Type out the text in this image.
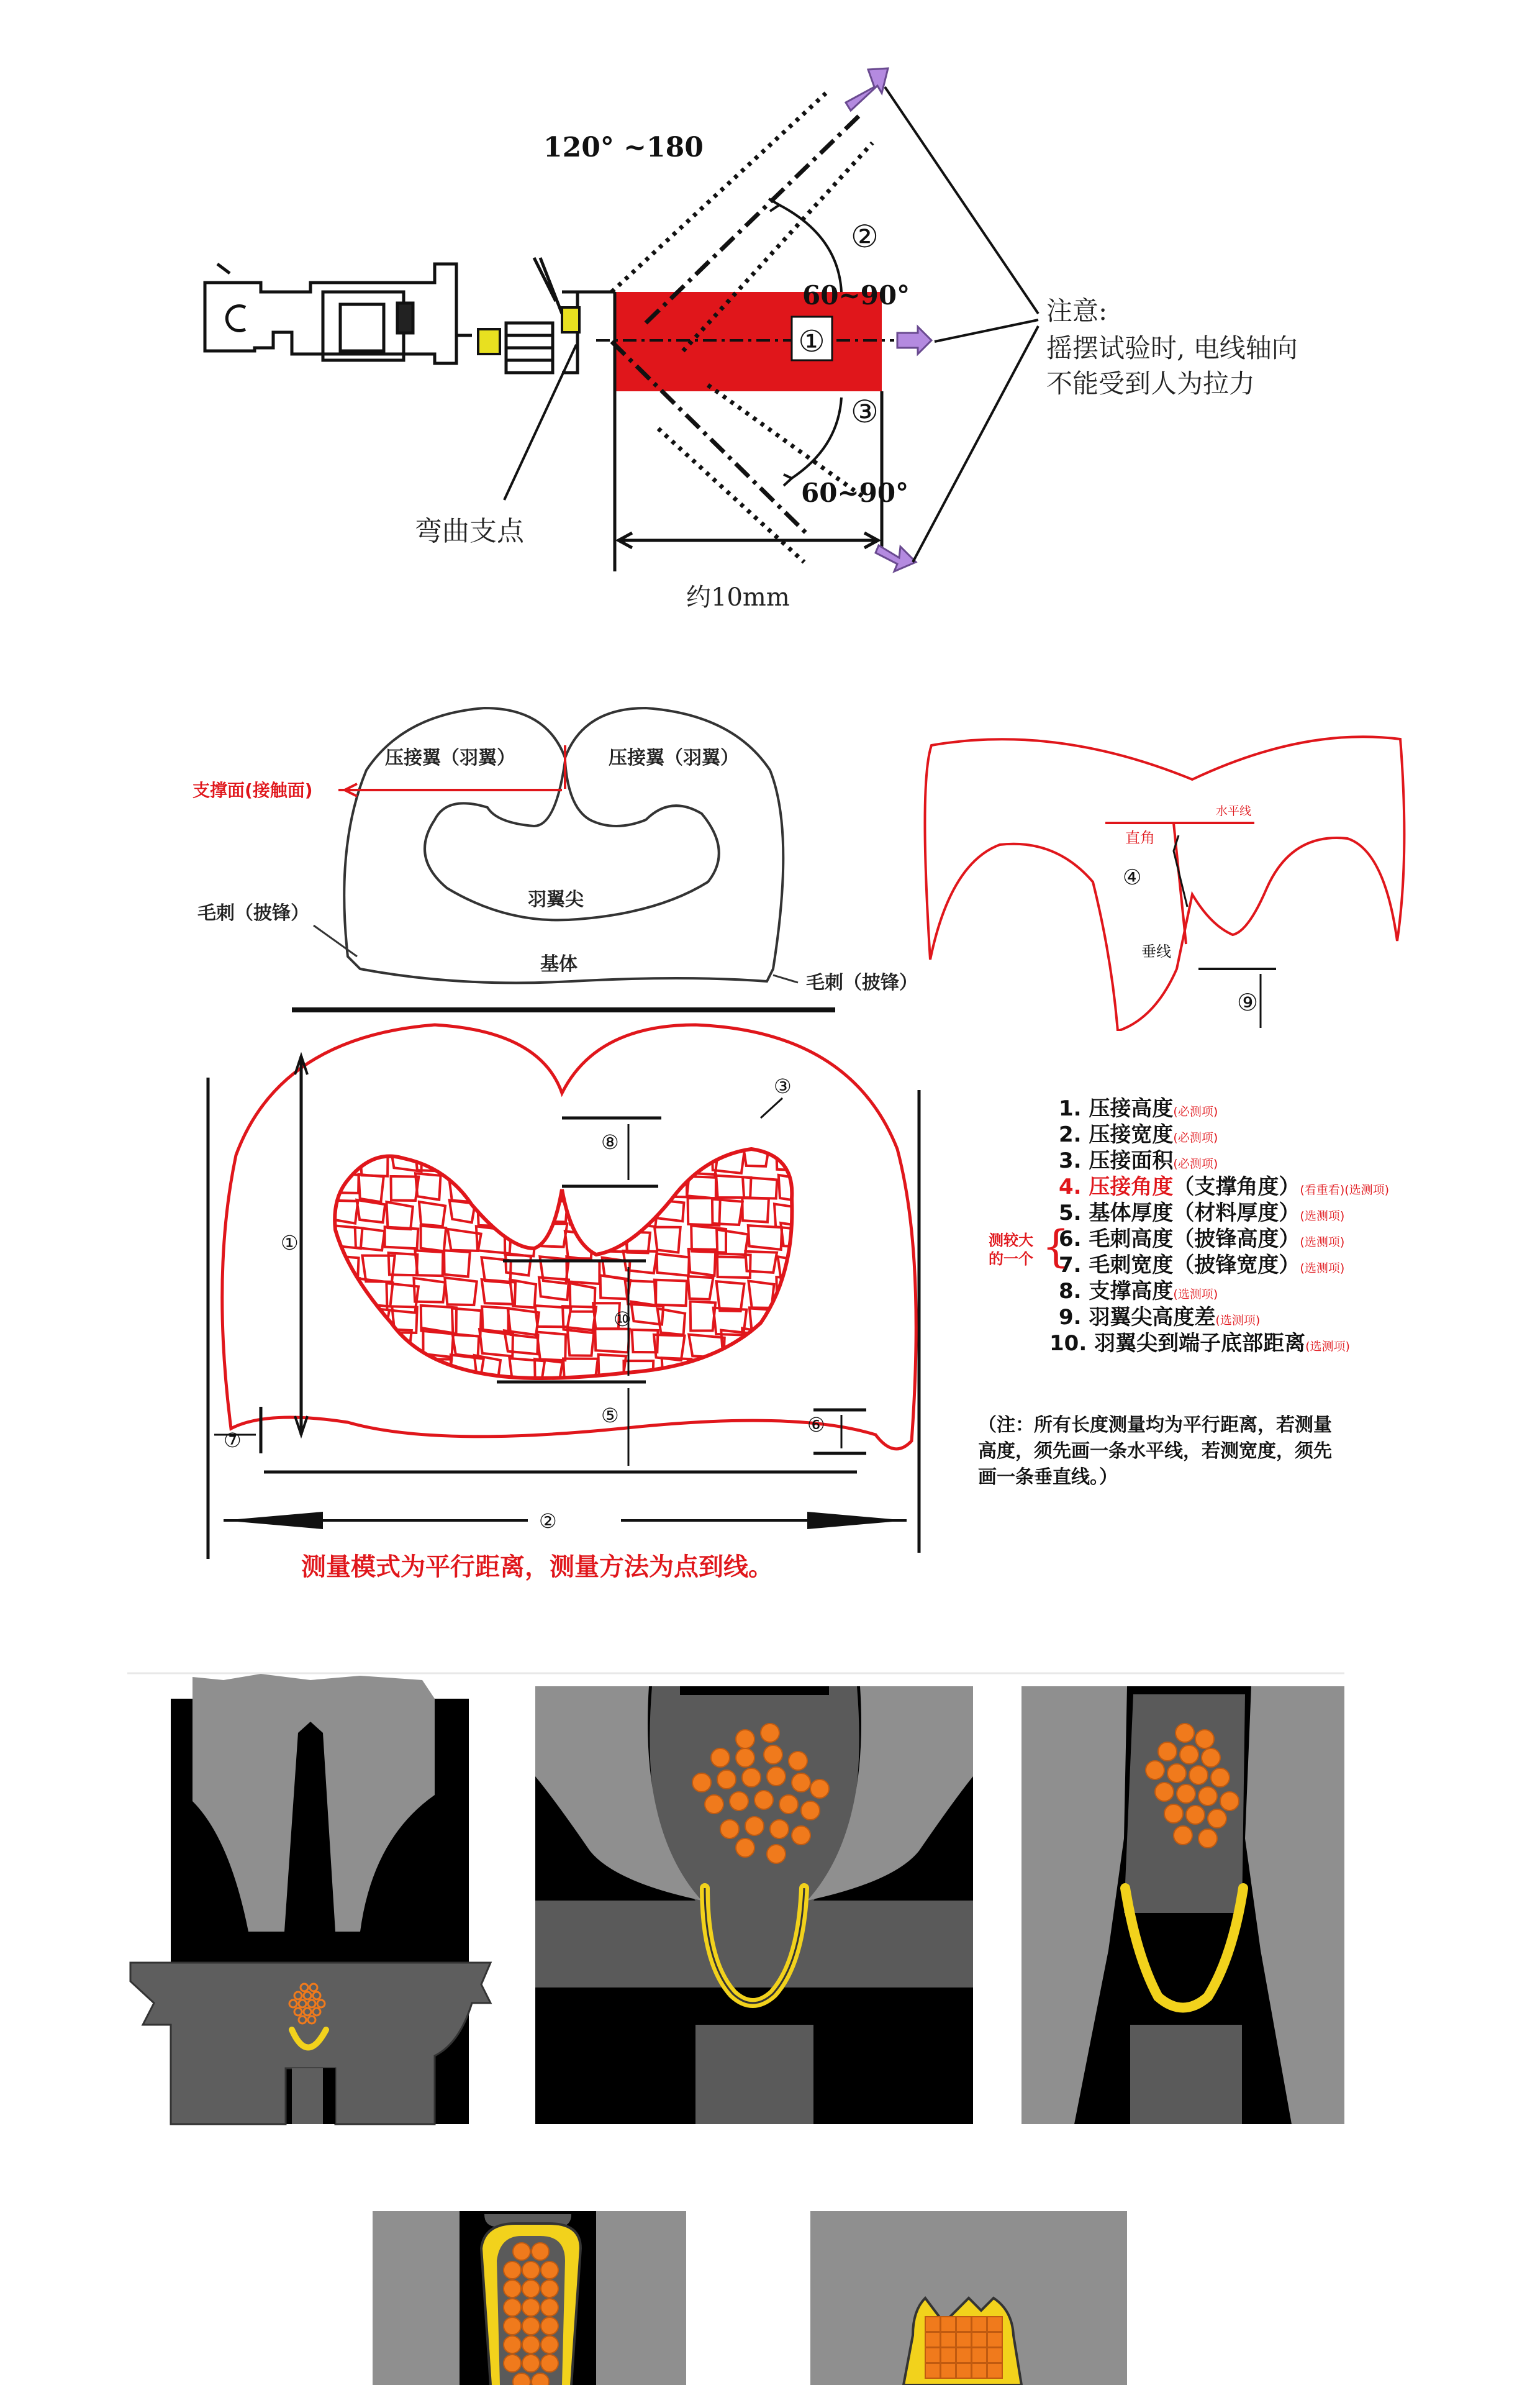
①
120° ~180
60~90°
60~90°
②
③
注意:
摇摆试验时, 电线轴向
不能受到人为拉力
弯曲支点
约10mm
压接翼（羽翼）	压接翼（羽翼）
支撑面(接触面)
羽翼尖
毛刺（披锋）
毛刺（披锋）
基体
水平线
直角
垂线
④
⑨
①
②
③
⑤	⑥
⑦
⑧
⑩
测量模式为平行距离，测量方法为点到线。
1. 压接高度(必测项)
2. 压接宽度(必测项)
3. 压接面积(必测项)
4. 压接角度（支撑角度）(看重看)(选测项)
5. 基体厚度（材料厚度）(选测项)
6. 毛刺高度（披锋高度）(选测项)
7. 毛刺宽度（披锋宽度）(选测项)
8. 支撑高度(选测项)
9. 羽翼尖高度差(选测项)
10. 羽翼尖到端子底部距离(选测项)
测较大
的一个 {
（注：所有长度测量均为平行距离，若测量
高度，须先画一条水平线，若测宽度，须先
画一条垂直线。）
